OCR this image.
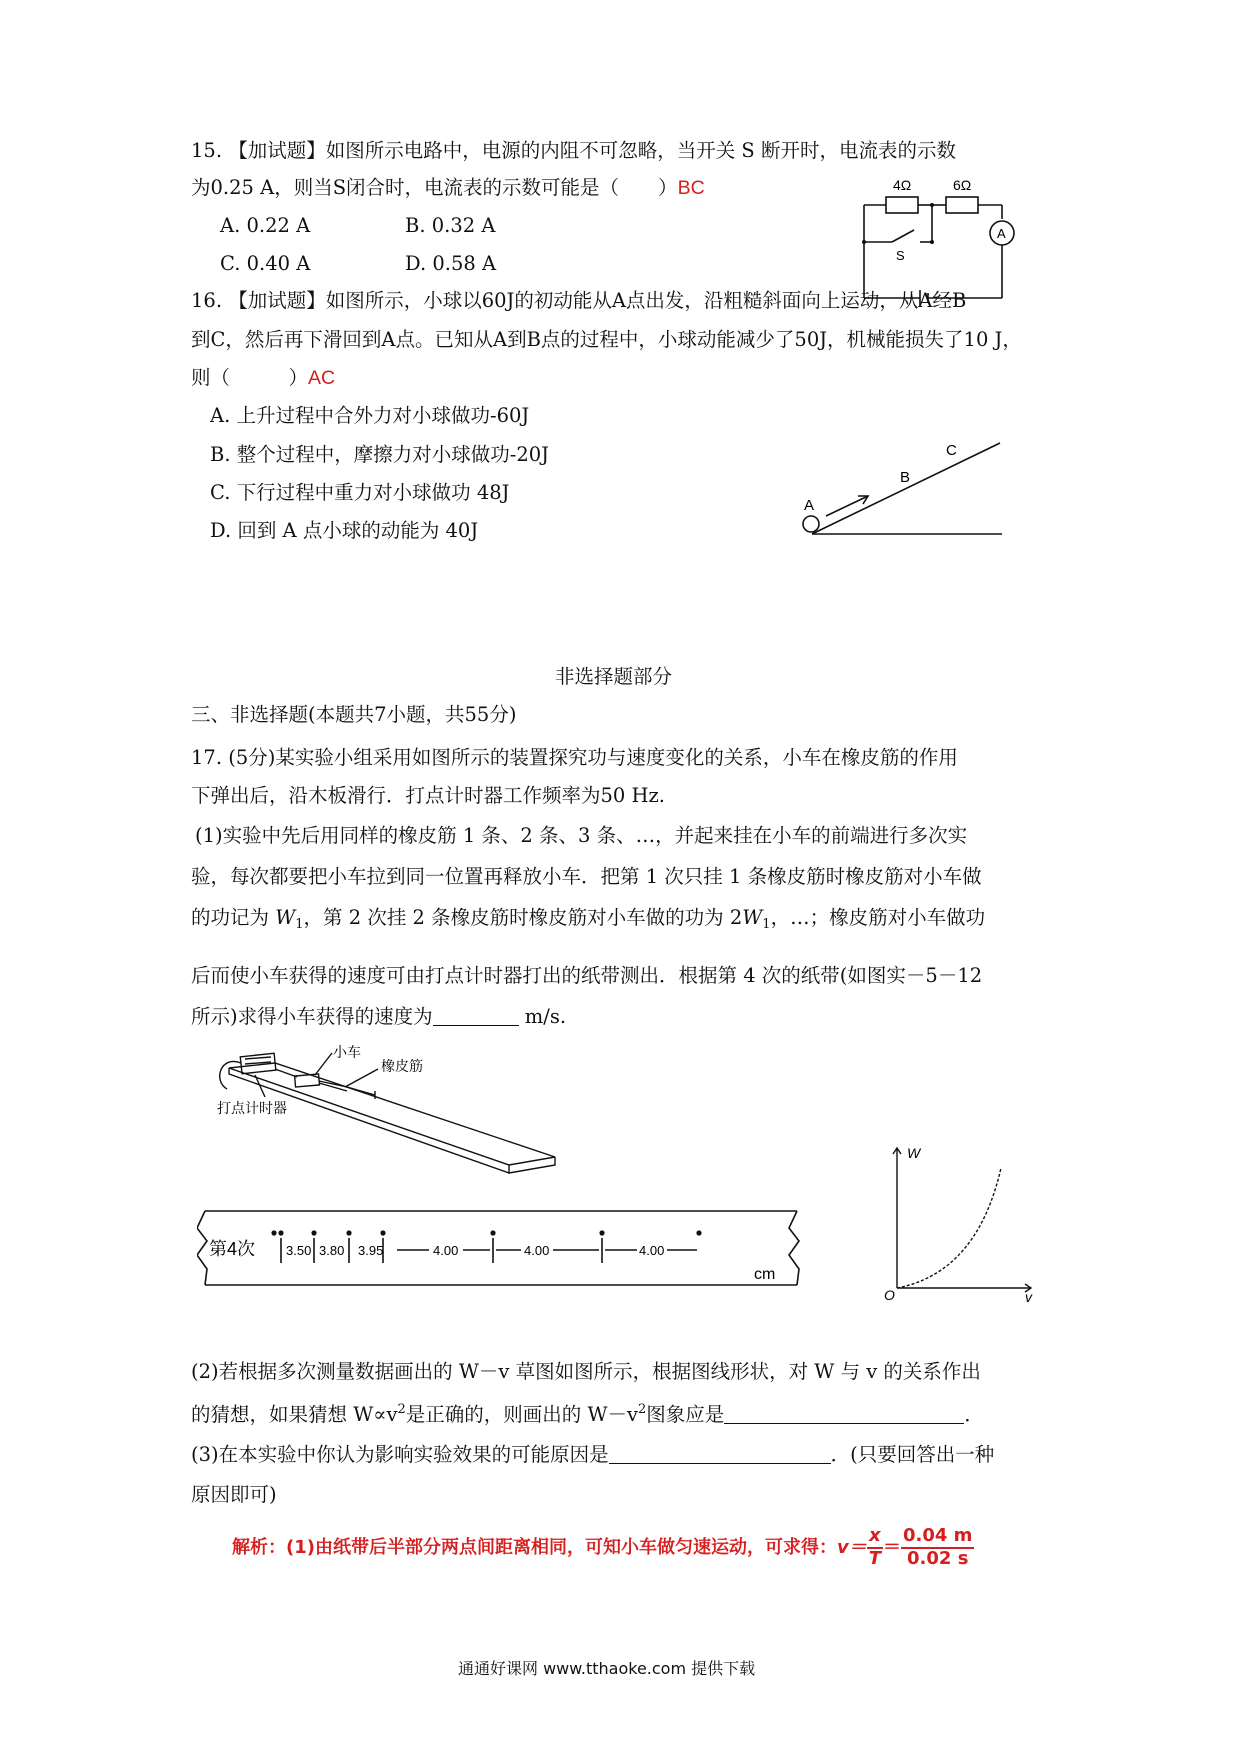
15. 【加试题】如图所示电路中，电源的内阻不可忽略，当开关 S 断开时，电流表的示数
为0.25 A，则当S闭合时，电流表的示数可能是（　　）BC
A. 0.22 A	B. 0.32 A
C. 0.40 A	D. 0.58 A
4Ω	6Ω
S
A
16. 【加试题】如图所示，小球以60J的初动能从A点出发，沿粗糙斜面向上运动，从A经B
到C，然后再下滑回到A点。已知从A到B点的过程中，小球动能减少了50J，机械能损失了10 J，
则（　　　）AC
A. 上升过程中合外力对小球做功-60J
B. 整个过程中，摩擦力对小球做功-20J
C. 下行过程中重力对小球做功 48J
D. 回到 A 点小球的动能为 40J
A
B
C
非选择题部分
三、非选择题(本题共7小题，共55分)
17. (5分)某实验小组采用如图所示的装置探究功与速度变化的关系，小车在橡皮筋的作用
下弹出后，沿木板滑行．打点计时器工作频率为50 Hz.
(1)实验中先后用同样的橡皮筋 1 条、2 条、3 条、…，并起来挂在小车的前端进行多次实
验，每次都要把小车拉到同一位置再释放小车．把第 1 次只挂 1 条橡皮筋时橡皮筋对小车做
的功记为 $W_1$，第 2 次挂 2 条橡皮筋时橡皮筋对小车做的功为 $2W_1$，…；橡皮筋对小车做功
后而使小车获得的速度可由打点计时器打出的纸带测出．根据第 4 次的纸带(如图实－5－12
所示)求得小车获得的速度为	m/s.
小车
橡皮筋
打点计时器
第4次 3.50 3.80 3.95	4.00	4.00	4.00
cm
W
v
O
(2)若根据多次测量数据画出的 W－v 草图如图所示，根据图线形状，对 W 与 v 的关系作出
的猜想，如果猜想 $W\propto v^2$是正确的，则画出的 $W-v^2$图象应是	．
(3)在本实验中你认为影响实验效果的可能原因是	．(只要回答出一种
原因即可)
解析：(1)由纸带后半部分两点间距离相同，可知小车做匀速运动，可求得：$v= \frac{x}{T} = \frac{0.04 m}{0.02 s}$
通通好课网 www.tthaoke.com 提供下载
